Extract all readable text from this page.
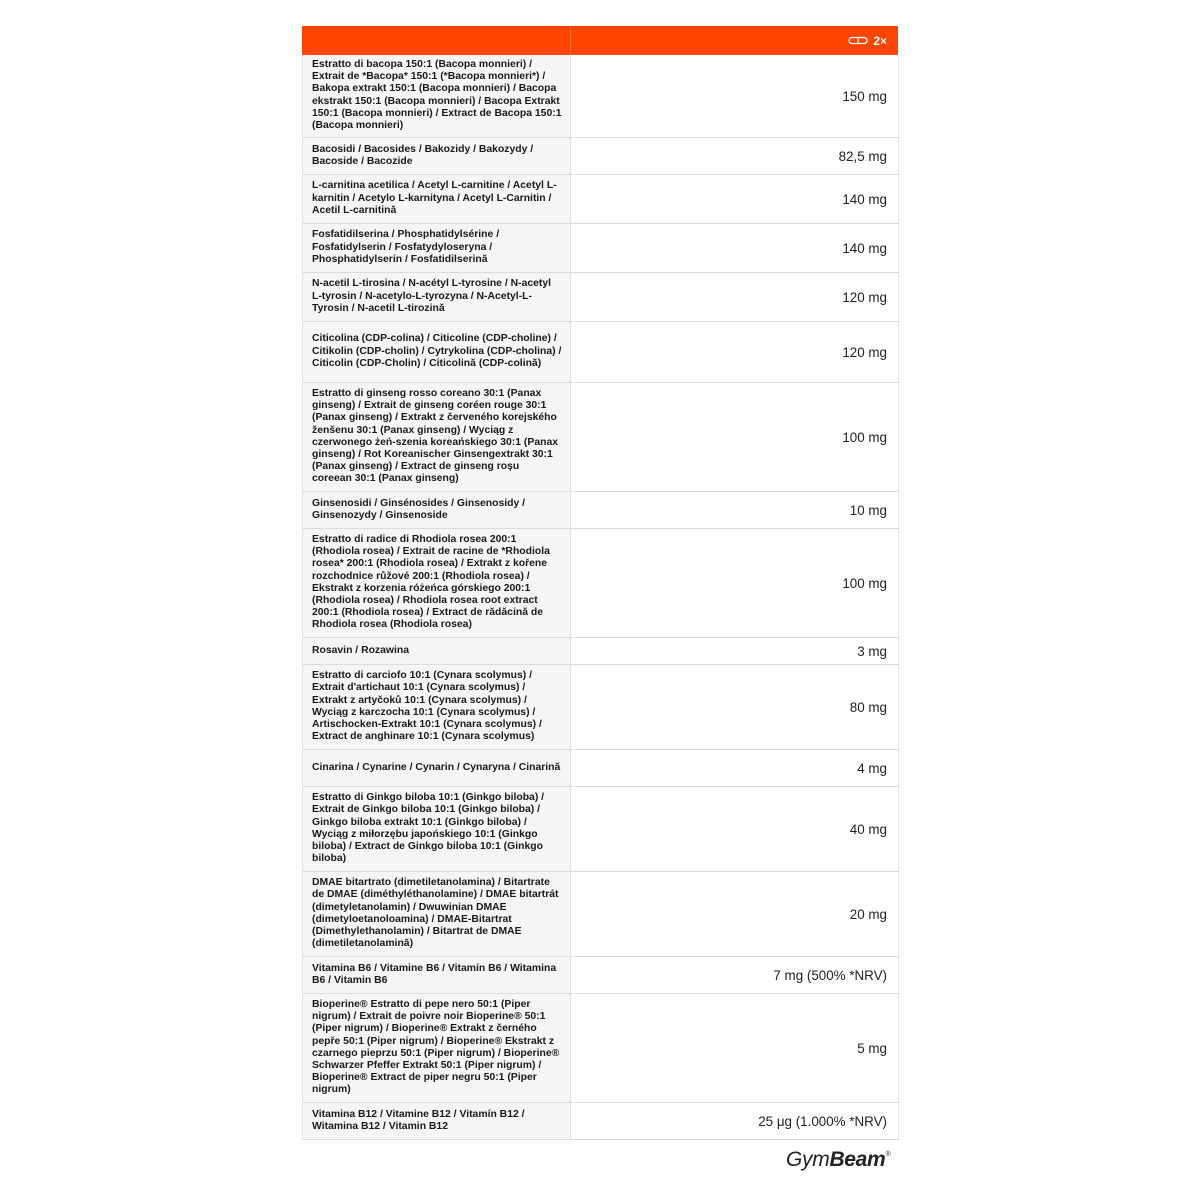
2×
Estratto di bacopa 150:1 (Bacopa monnieri) / Extrait de *Bacopa* 150:1 (*Bacopa monnieri*) / Bakopa extrakt 150:1 (Bacopa monnieri) / Bacopa ekstrakt 150:1 (Bacopa monnieri) / Bacopa Extrakt 150:1 (Bacopa monnieri) / Extract de Bacopa 150:1 (Bacopa monnieri)	150 mg
Bacosidi / Bacosides / Bakozidy / Bakozydy / Bacoside / Bacozide	82,5 mg
L-carnitina acetilica / Acetyl L-carnitine / Acetyl L-karnitin / Acetylo L-karnityna / Acetyl L-Carnitin / Acetil L-carnitină	140 mg
Fosfatidilserina / Phosphatidylsérine / Fosfatidylserin / Fosfatydyloseryna / Phosphatidylserin / Fosfatidilserină	140 mg
N-acetil L-tirosina / N-acétyl L-tyrosine / N-acetyl L-tyrosin / N-acetylo-L-tyrozyna / N-Acetyl-L-Tyrosin / N-acetil L-tirozină	120 mg
Citicolina (CDP-colina) / Citicoline (CDP-choline) / Citikolin (CDP-cholin) / Cytrykolina (CDP-cholina) / Citicolin (CDP-Cholin) / Citicolină (CDP-colină)	120 mg
Estratto di ginseng rosso coreano 30:1 (Panax ginseng) / Extrait de ginseng coréen rouge 30:1 (Panax ginseng) / Extrakt z červeného korejského ženšenu 30:1 (Panax ginseng) / Wyciąg z czerwonego żeń-szenia koreańskiego 30:1 (Panax ginseng) / Rot Koreanischer Ginsengextrakt 30:1 (Panax ginseng) / Extract de ginseng roșu coreean 30:1 (Panax ginseng)	100 mg
Ginsenosidi / Ginsénosides / Ginsenosidy / Ginsenozydy / Ginsenoside	10 mg
Estratto di radice di Rhodiola rosea 200:1 (Rhodiola rosea) / Extrait de racine de *Rhodiola rosea* 200:1 (Rhodiola rosea) / Extrakt z kořene rozchodnice růžové 200:1 (Rhodiola rosea) / Ekstrakt z korzenia różeńca górskiego 200:1 (Rhodiola rosea) / Rhodiola rosea root extract 200:1 (Rhodiola rosea) / Extract de rădăcină de Rhodiola rosea (Rhodiola rosea)	100 mg
Rosavin / Rozawina	3 mg
Estratto di carciofo 10:1 (Cynara scolymus) / Extrait d'artichaut 10:1 (Cynara scolymus) / Extrakt z artyčoků 10:1 (Cynara scolymus) / Wyciąg z karczocha 10:1 (Cynara scolymus) / Artischocken-Extrakt 10:1 (Cynara scolymus) / Extract de anghinare 10:1 (Cynara scolymus)	80 mg
Cinarina / Cynarine / Cynarin / Cynaryna / Cinarină	4 mg
Estratto di Ginkgo biloba 10:1 (Ginkgo biloba) / Extrait de Ginkgo biloba 10:1 (Ginkgo biloba) / Ginkgo biloba extrakt 10:1 (Ginkgo biloba) / Wyciąg z miłorzębu japońskiego 10:1 (Ginkgo biloba) / Extract de Ginkgo biloba 10:1 (Ginkgo biloba)	40 mg
DMAE bitartrato (dimetiletanolamina) / Bitartrate de DMAE (diméthyléthanolamine) / DMAE bitartrát (dimetyletanolamin) / Dwuwinian DMAE (dimetyloetanoloamina) / DMAE-Bitartrat (Dimethylethanolamin) / Bitartrat de DMAE (dimetiletanolamină)	20 mg
Vitamina B6 / Vitamine B6 / Vitamín B6 / Witamina B6 / Vitamin B6	7 mg (500% *NRV)
Bioperine® Estratto di pepe nero 50:1 (Piper nigrum) / Extrait de poivre noir Bioperine® 50:1 (Piper nigrum) / Bioperine® Extrakt z černého pepře 50:1 (Piper nigrum) / Bioperine® Ekstrakt z czarnego pieprzu 50:1 (Piper nigrum) / Bioperine® Schwarzer Pfeffer Extrakt 50:1 (Piper nigrum) / Bioperine® Extract de piper negru 50:1 (Piper nigrum)	5 mg
Vitamina B12 / Vitamine B12 / Vitamín B12 / Witamina B12 / Vitamin B12	25 μg (1.000% *NRV)
GymBeam®
